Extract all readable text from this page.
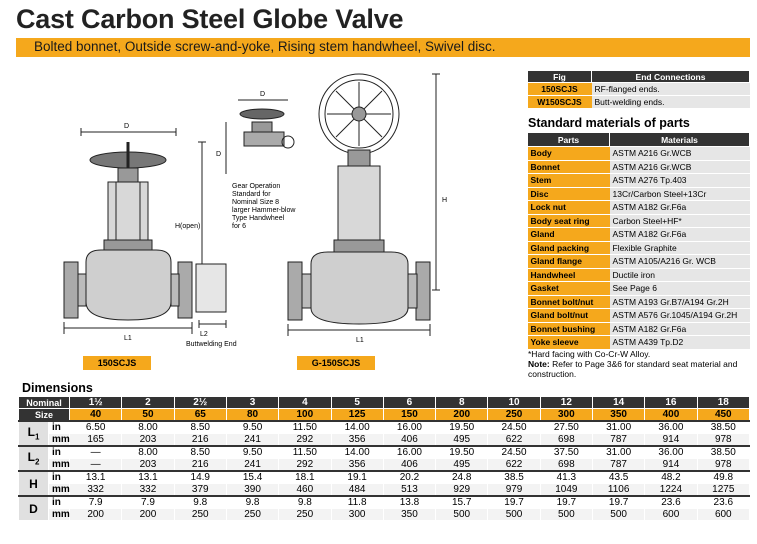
Cast Carbon Steel Globe Valve
Bolted bonnet, Outside screw-and-yoke, Rising stem handwheel, Swivel disc.
D
H(open)
L1
L2
Buttwelding End
D
D
L1
H
Gear Operation
Standard for
Nominal Size 8
larger Hammer-blow
Type Handwheel
for 6
150SCJS	G-150SCJS
Fig	End Connections
150SCJS	RF-flanged ends.
W150SCJS	Butt-welding ends.
Standard materials of parts
Parts	Materials
Body	ASTM A216 Gr.WCB
Bonnet	ASTM A216 Gr.WCB
Stem	ASTM A276 Tp.403
Disc	13Cr/Carbon Steel+13Cr
Lock nut	ASTM A182 Gr.F6a
Body seat ring	Carbon Steel+HF*
Gland	ASTM A182 Gr.F6a
Gland packing	Flexible Graphite
Gland flange	ASTM A105/A216 Gr. WCB
Handwheel	Ductile iron
Gasket	See Page 6
Bonnet bolt/nut	ASTM A193 Gr.B7/A194 Gr.2H
Gland bolt/nut	ASTM A576 Gr.1045/A194 Gr.2H
Bonnet bushing	ASTM A182 Gr.F6a
Yoke sleeve	ASTM A439 Tp.D2
*Hard facing with Co-Cr-W Alloy.
Note: Refer to Page 3&6 for standard seat material and construction.
Dimensions
Nominal		1½	2	2½	3	4	5	6	8	10	12	14	16	18
Size		40	50	65	80	100	125	150	200	250	300	350	400	450
$L_1$	in	6.50	8.00	8.50	9.50	11.50	14.00	16.00	19.50	24.50	27.50	31.00	36.00	38.50
	mm	165	203	216	241	292	356	406	495	622	698	787	914	978
$L_2$	in	—	8.00	8.50	9.50	11.50	14.00	16.00	19.50	24.50	37.50	31.00	36.00	38.50
	mm	—	203	216	241	292	356	406	495	622	698	787	914	978
H	in	13.1	13.1	14.9	15.4	18.1	19.1	20.2	24.8	38.5	41.3	43.5	48.2	49.8
	mm	332	332	379	390	460	484	513	929	979	1049	1106	1224	1275
D	in	7.9	7.9	9.8	9.8	9.8	11.8	13.8	15.7	19.7	19.7	19.7	23.6	23.6
	mm	200	200	250	250	250	300	350	500	500	500	500	600	600
